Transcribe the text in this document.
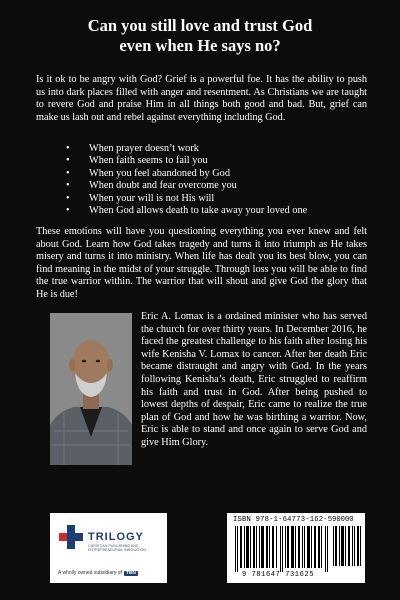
Can you still love and trust God
even when He says no?

Is it ok to be angry with God? Grief is a powerful foe. It has the ability to push us into dark places filled with anger and resentment. As Christians we are taught to revere God and praise Him in all things both good and bad. But, grief can make us lash out and rebel against everything including God.

• When prayer doesn’t work
• When faith seems to fail you
• When you feel abandoned by God
• When doubt and fear overcome you
• When your will is not His will
• When God allows death to take away your loved one

These emotions will have you questioning everything you ever knew and felt about God. Learn how God takes tragedy and turns it into triumph as He takes misery and turns it into ministry. When life has dealt you its best blow, you can find meaning in the midst of your struggle. Through loss you will be able to find the true warrior within. The warrior that will shout and give God the glory that He is due!

Eric A. Lomax is a ordained minister who has served the church for over thirty years. In December 2016, he faced the greatest challenge to his faith after losing his wife Kenisha V. Lomax to cancer. After her death Eric became distraught and angry with God. In the years following Kenisha’s death, Eric struggled to reaffirm his faith and trust in God. After being pushed to lowest depths of despair, Eric came to realize the true plan of God and how he was birthing a warrior. Now, Eric is able to stand and once again to serve God and give Him Glory.

TRILOGY
CHRISTIAN PUBLISHING AND ENTREPRENEURIAL INNOVATION
A wholly owned subsidiary of TBN
ISBN 978-1-64773-162-5 90000
9 781647 731625
